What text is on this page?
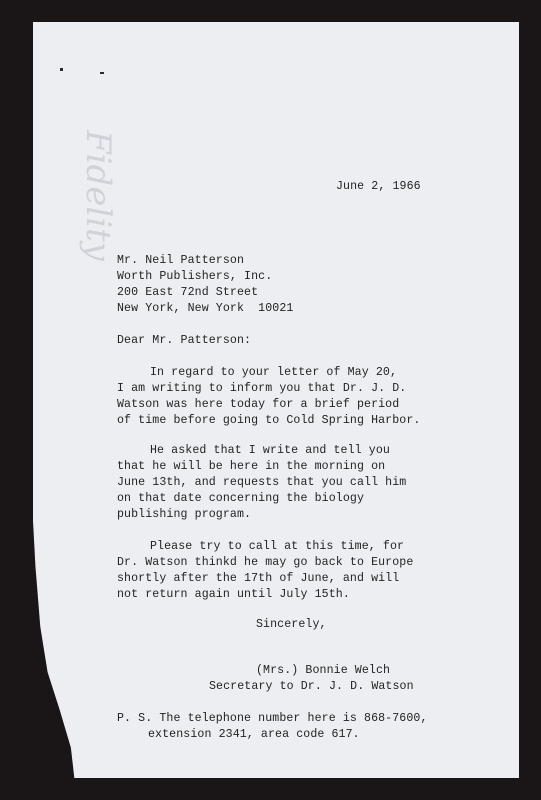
Fidelity	June 2, 1966
Mr. Neil Patterson
Worth Publishers, Inc.
200 East 72nd Street
New York, New York  10021
Dear Mr. Patterson:
In regard to your letter of May 20,
I am writing to inform you that Dr. J. D.
Watson was here today for a brief period
of time before going to Cold Spring Harbor.
He asked that I write and tell you
that he will be here in the morning on
June 13th, and requests that you call him
on that date concerning the biology
publishing program.
Please try to call at this time, for
Dr. Watson thinkd he may go back to Europe
shortly after the 17th of June, and will
not return again until July 15th.
Sincerely,
(Mrs.) Bonnie Welch
Secretary to Dr. J. D. Watson
P. S. The telephone number here is 868-7600,
extension 2341, area code 617.
